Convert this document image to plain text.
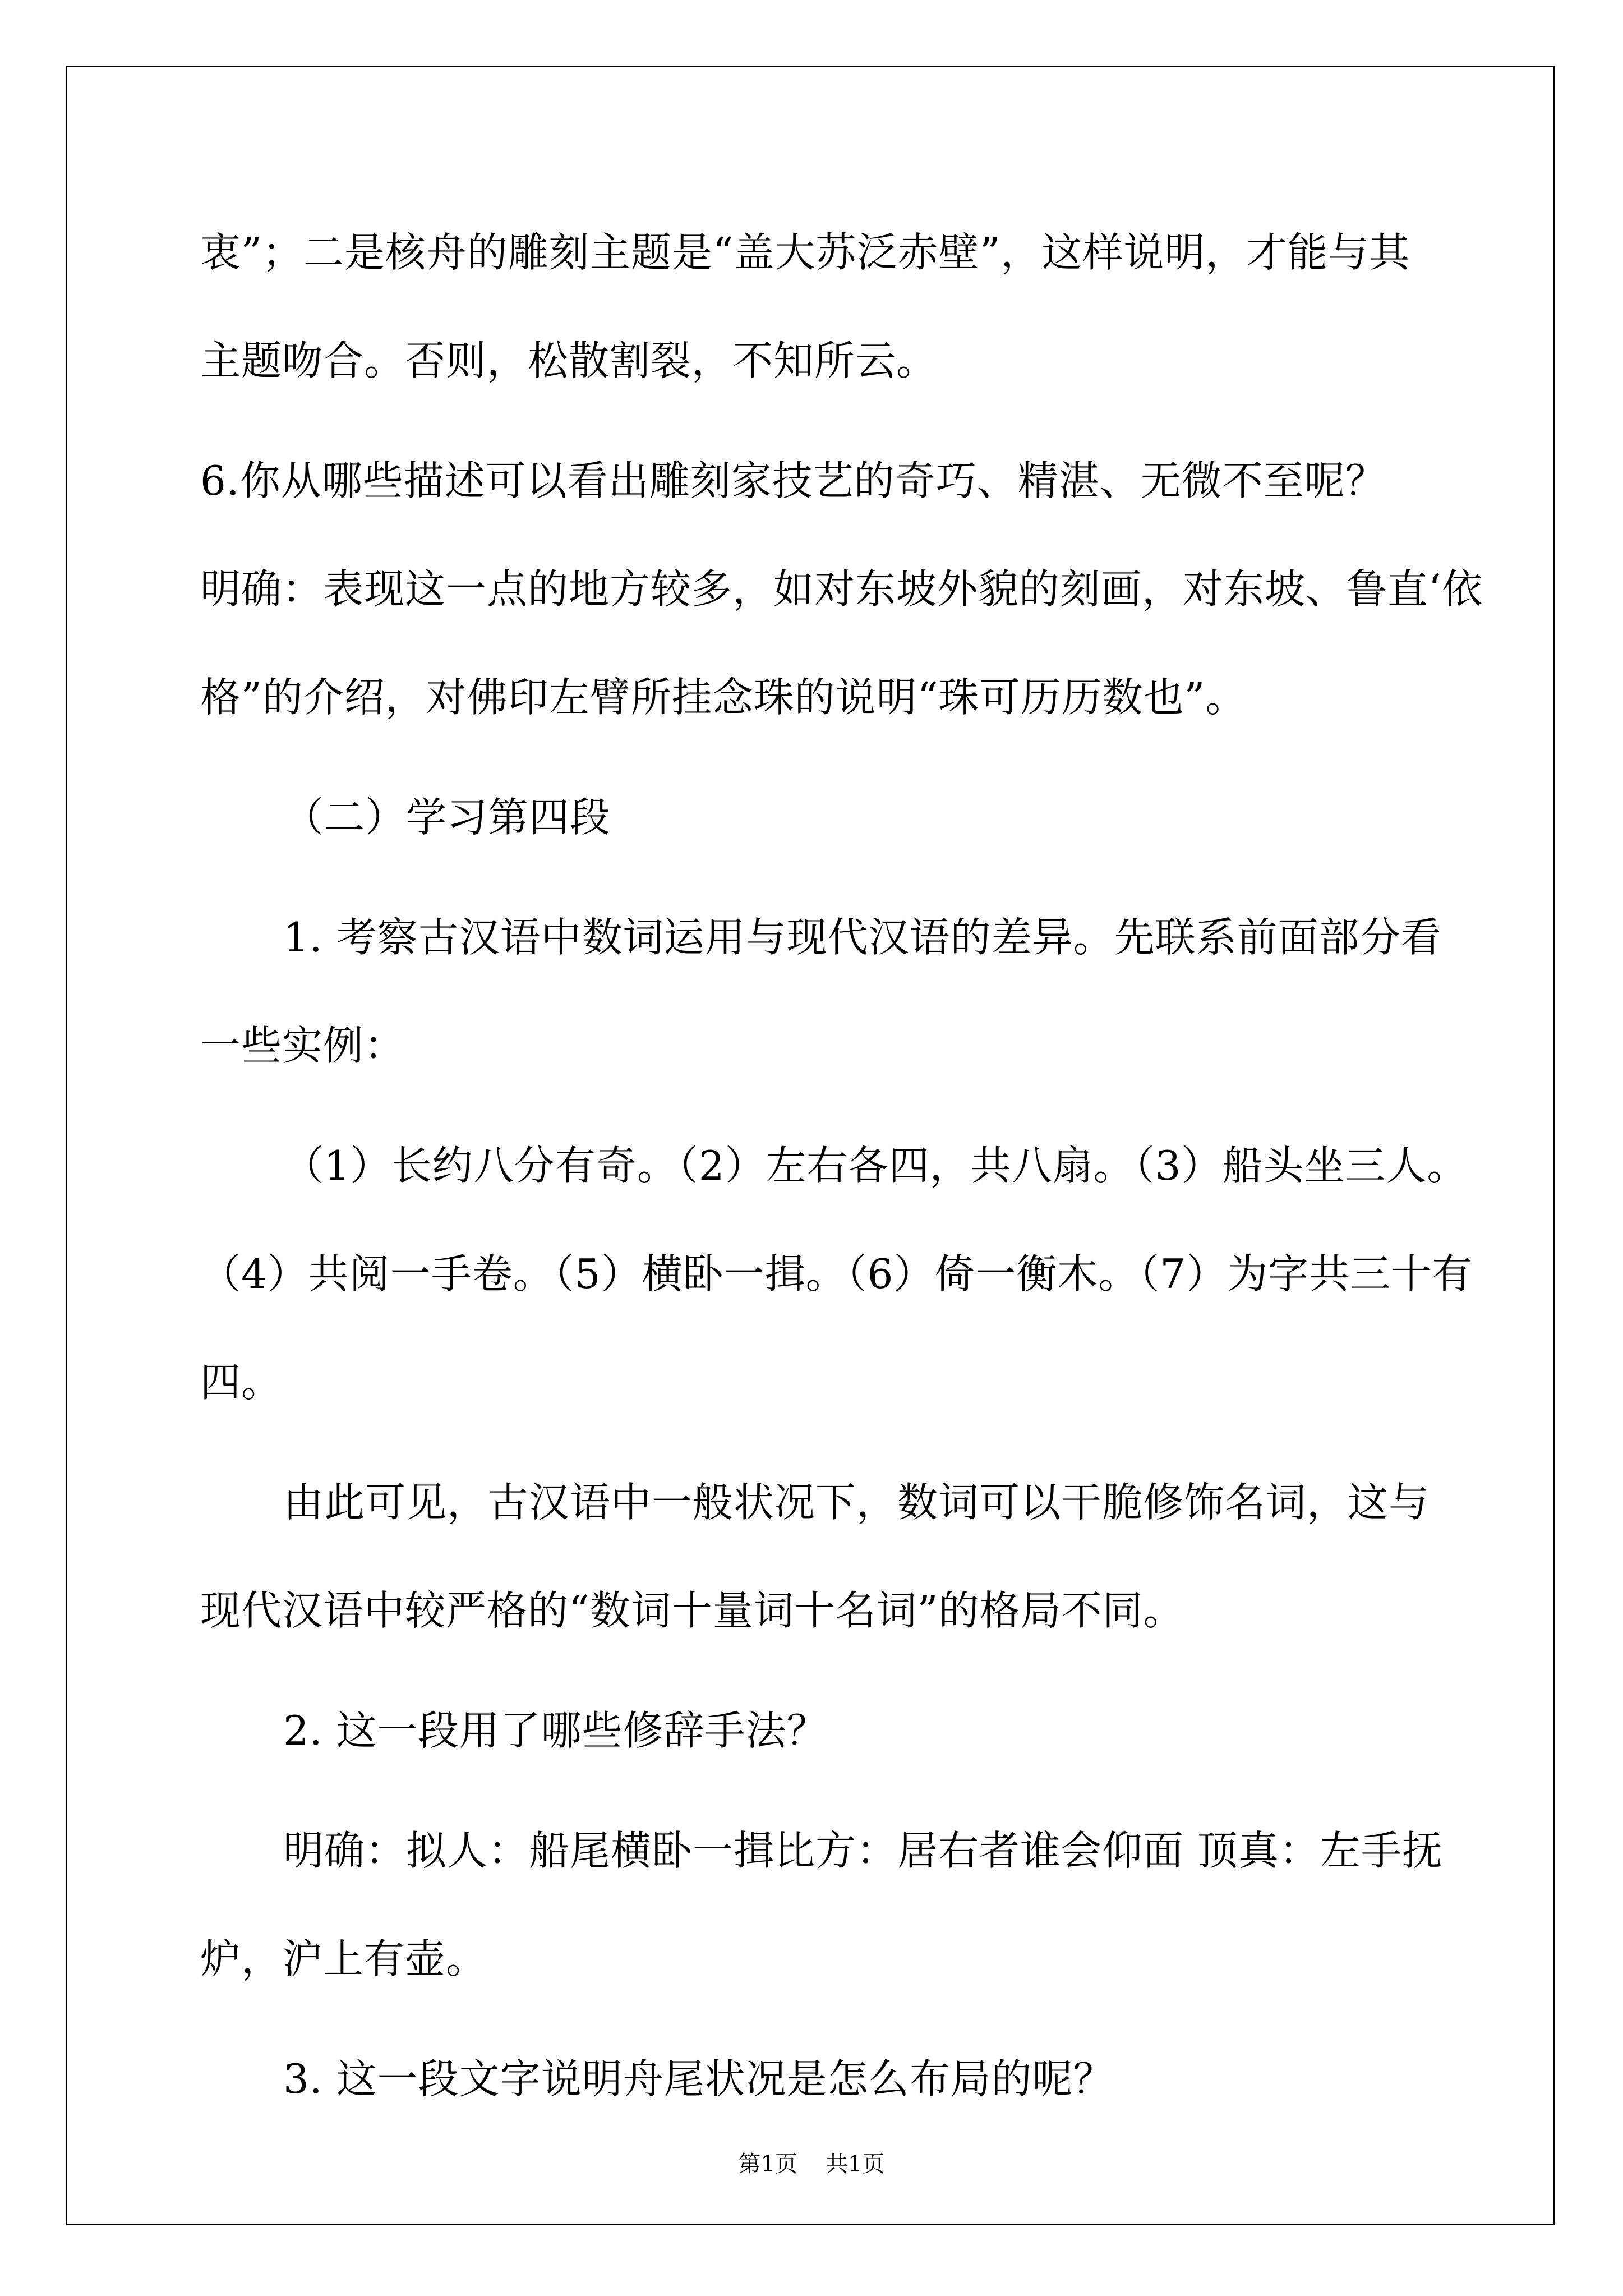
衷”；二是核舟的雕刻主题是“盖大苏泛赤壁”，这样说明，才能与其
主题吻合。否则，松散割裂，不知所云。
6.你从哪些描述可以看出雕刻家技艺的奇巧、精湛、无微不至呢？
明确：表现这一点的地方较多，如对东坡外貌的刻画，对东坡、鲁直‘依
格”的介绍，对佛印左臂所挂念珠的说明“珠可历历数也”。
（二）学习第四段
1. 考察古汉语中数词运用与现代汉语的差异。先联系前面部分看
一些实例：
（1）长约八分有奇。（2）左右各四，共八扇。（3）船头坐三人。
（4）共阅一手卷。（5）横卧一揖。（6）倚一衡木。（7）为字共三十有
四。
由此可见，古汉语中一般状况下，数词可以干脆修饰名词，这与
现代汉语中较严格的“数词十量词十名词”的格局不同。
2. 这一段用了哪些修辞手法？
明确：拟人：船尾横卧一揖比方：居右者谁会仰面 顶真：左手抚
炉，沪上有壶。
3. 这一段文字说明舟尾状况是怎么布局的呢？
第1页 共1页
